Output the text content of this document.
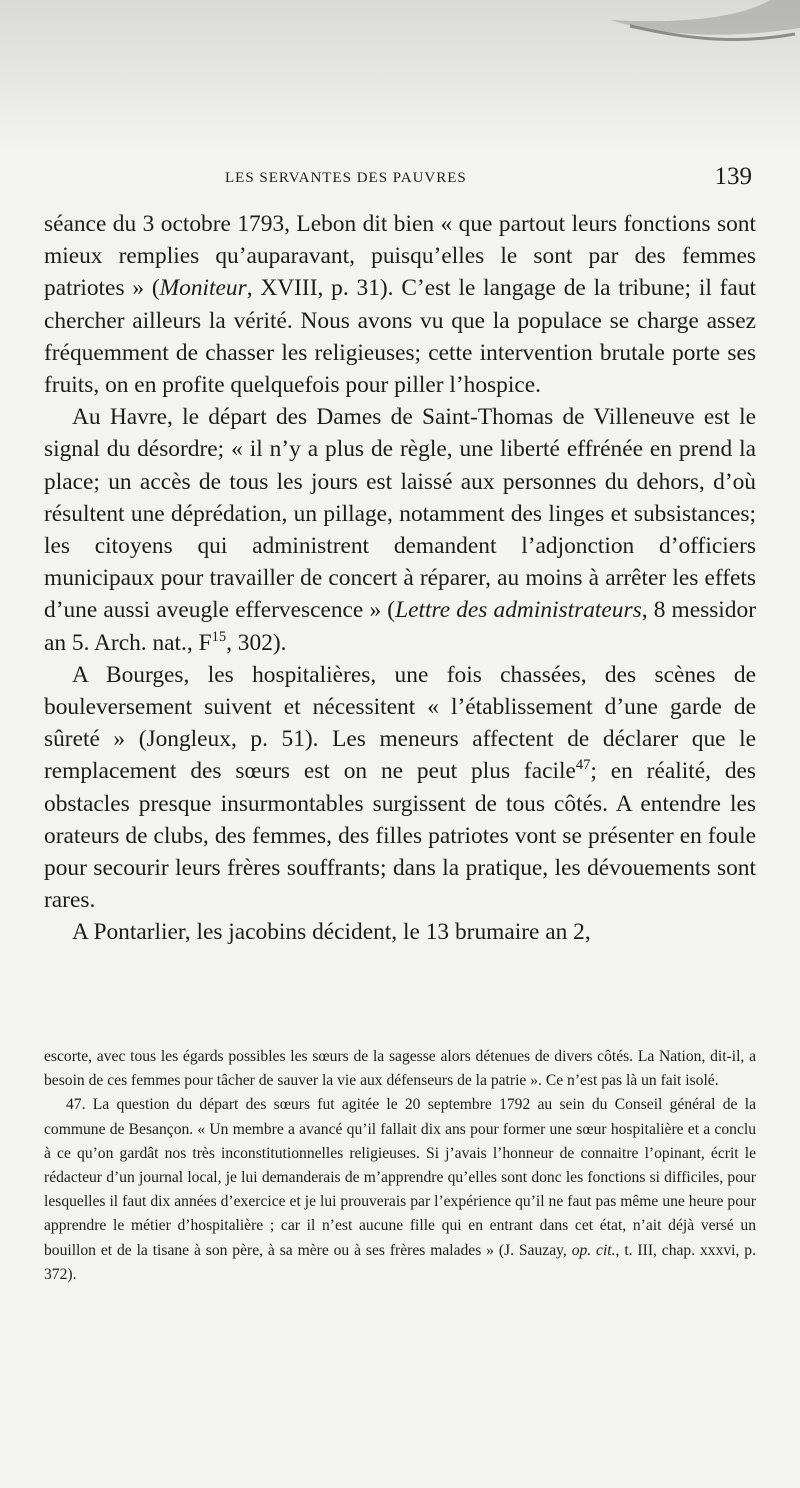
LES SERVANTES DES PAUVRES	139

séance du 3 octobre 1793, Lebon dit bien « que partout leurs fonctions sont mieux remplies qu’auparavant, puisqu’elles le sont par des femmes patriotes » (Moniteur, XVIII, p. 31). C’est le langage de la tribune; il faut chercher ailleurs la vérité. Nous avons vu que la populace se charge assez fréquemment de chasser les religieuses; cette intervention brutale porte ses fruits, on en profite quelquefois pour piller l’hospice.

Au Havre, le départ des Dames de Saint-Thomas de Villeneuve est le signal du désordre; « il n’y a plus de règle, une liberté effrénée en prend la place; un accès de tous les jours est laissé aux personnes du dehors, d’où résultent une déprédation, un pillage, notamment des linges et subsistances; les citoyens qui administrent demandent l’adjonction d’officiers municipaux pour travailler de concert à réparer, au moins à arrêter les effets d’une aussi aveugle effervescence » (Lettre des administrateurs, 8 messidor an 5. Arch. nat., $F^{15}$, 302).

A Bourges, les hospitalières, une fois chassées, des scènes de bouleversement suivent et nécessitent « l’établissement d’une garde de sûreté » (Jongleux, p. 51). Les meneurs affectent de déclarer que le remplacement des sœurs est on ne peut plus facile$^{47}$; en réalité, des obstacles presque insurmontables surgissent de tous côtés. A entendre les orateurs de clubs, des femmes, des filles patriotes vont se présenter en foule pour secourir leurs frères souffrants; dans la pratique, les dévouements sont rares.

A Pontarlier, les jacobins décident, le 13 brumaire an 2,

escorte, avec tous les égards possibles les sœurs de la sagesse alors détenues de divers côtés. La Nation, dit-il, a besoin de ces femmes pour tâcher de sauver la vie aux défenseurs de la patrie ». Ce n’est pas là un fait isolé.

47. La question du départ des sœurs fut agitée le 20 septembre 1792 au sein du Conseil général de la commune de Besançon. « Un membre a avancé qu’il fallait dix ans pour former une sœur hospitalière et a conclu à ce qu’on gardât nos très inconstitutionnelles religieuses. Si j’avais l’honneur de connaitre l’opinant, écrit le rédacteur d’un journal local, je lui demanderais de m’apprendre qu’elles sont donc les fonctions si difficiles, pour lesquelles il faut dix années d’exercice et je lui prouverais par l’expérience qu’il ne faut pas même une heure pour apprendre le métier d’hospitalière ; car il n’est aucune fille qui en entrant dans cet état, n’ait déjà versé un bouillon et de la tisane à son père, à sa mère ou à ses frères malades » (J. Sauzay, op. cit., t. III, chap. xxxvi, p. 372).
